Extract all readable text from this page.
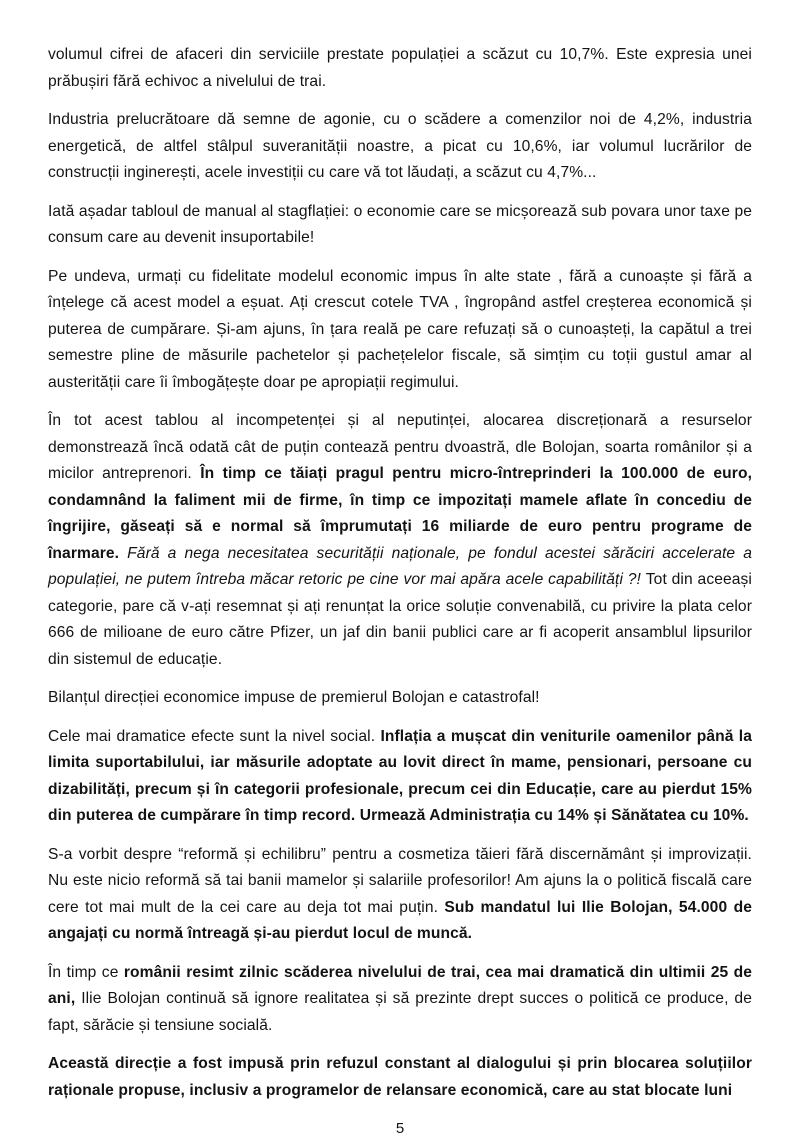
volumul cifrei de afaceri din serviciile prestate populației a scăzut cu 10,7%. Este expresia unei prăbușiri fără echivoc a nivelului de trai.

Industria prelucrătoare dă semne de agonie, cu o scădere a comenzilor noi de 4,2%, industria energetică, de altfel stâlpul suveranității noastre, a picat cu 10,6%, iar volumul lucrărilor de construcții inginerești, acele investiții cu care vă tot lăudați, a scăzut cu 4,7%...

Iată așadar tabloul de manual al stagflației: o economie care se micșorează sub povara unor taxe pe consum care au devenit insuportabile!

Pe undeva, urmați cu fidelitate modelul economic impus în alte state , fără a cunoaște și fără a înțelege că acest model a eșuat. Ați crescut cotele TVA , îngropând astfel creșterea economică și puterea de cumpărare. Și-am ajuns, în țara reală pe care refuzați să o cunoașteți, la capătul a trei semestre pline de măsurile pachetelor și pachețelelor fiscale, să simțim cu toții gustul amar al austerității care îi îmbogățește doar pe apropiații regimului.

În tot acest tablou al incompetenței și al neputinței, alocarea discreționară a resurselor demonstrează încă odată cât de puțin contează pentru dvoastră, dle Bolojan, soarta românilor și a micilor antreprenori. În timp ce tăiați pragul pentru micro-întreprinderi la 100.000 de euro, condamnând la faliment mii de firme, în timp ce impozitați mamele aflate în concediu de îngrijire, găseați să e normal să împrumutați 16 miliarde de euro pentru programe de înarmare. Fără a nega necesitatea securității naționale, pe fondul acestei sărăciri accelerate a populației, ne putem întreba măcar retoric pe cine vor mai apăra acele capabilități ?! Tot din aceeași categorie, pare că v-ați resemnat și ați renunțat la orice soluție convenabilă, cu privire la plata celor 666 de milioane de euro către Pfizer, un jaf din banii publici care ar fi acoperit ansamblul lipsurilor din sistemul de educație.

Bilanțul direcției economice impuse de premierul Bolojan e catastrofal!

Cele mai dramatice efecte sunt la nivel social. Inflația a mușcat din veniturile oamenilor până la limita suportabilului, iar măsurile adoptate au lovit direct în mame, pensionari, persoane cu dizabilități, precum și în categorii profesionale, precum cei din Educație, care au pierdut 15% din puterea de cumpărare în timp record. Urmează Administrația cu 14% și Sănătatea cu 10%.

S-a vorbit despre “reformă și echilibru” pentru a cosmetiza tăieri fără discernământ și improvizații. Nu este nicio reformă să tai banii mamelor și salariile profesorilor! Am ajuns la o politică fiscală care cere tot mai mult de la cei care au deja tot mai puțin. Sub mandatul lui Ilie Bolojan, 54.000 de angajați cu normă întreagă și-au pierdut locul de muncă.

În timp ce românii resimt zilnic scăderea nivelului de trai, cea mai dramatică din ultimii 25 de ani, Ilie Bolojan continuă să ignore realitatea și să prezinte drept succes o politică ce produce, de fapt, sărăcie și tensiune socială.

Această direcție a fost impusă prin refuzul constant al dialogului și prin blocarea soluțiilor raționale propuse, inclusiv a programelor de relansare economică, care au stat blocate luni

5
